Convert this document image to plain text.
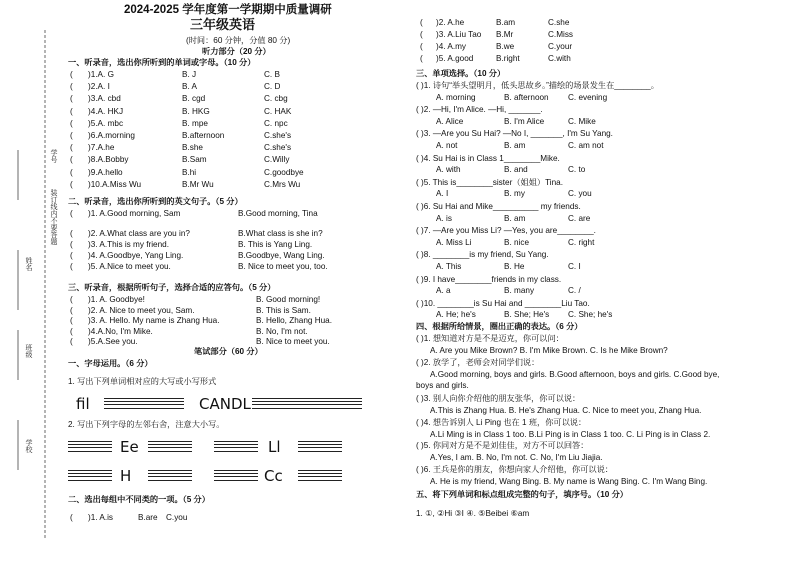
学号
装订线内不要答题
姓名
班级
学校
2024-2025 学年度第一学期期中质量调研
三年级英语
(时间：60 分钟，分值 80 分)
听力部分（20 分）
一、听录音，选出你所听到的单词或字母。（10 分）
( )1.A. G	B. J	C. B
( )2.A. I	B. A	C. D
( )3.A. cbd	B. cgd	C. cbg
( )4.A. HKJ	B. HKG	C. HAK
( )5.A. mbc	B. mpe	C. npc
( )6.A.morning	B.afternoon	C.she's
( )7.A.he	B.she	C.she's
( )8.A.Bobby	B.Sam	C.Willy
( )9.A.hello	B.hi	C.goodbye
( )10.A.Miss Wu	B.Mr Wu	C.Mrs Wu
二、听录音，选出你所听到的英文句子。（5 分）
( )1. A.Good morning, Sam	B.Good morning, Tina
( )2. A.What class are you in?	B.What class is she in?
( )3. A.This is my friend.	B. This is Yang Ling.
( )4. A.Goodbye, Yang Ling.	B.Goodbye, Wang Ling.
( )5. A.Nice to meet you.	B. Nice to meet you, too.
三、听录音，根据所听句子，选择合适的应答句。（5 分）
( )1. A. Goodbye!	B. Good morning!
( )2. A. Nice to meet you, Sam.	B. This is Sam.
( )3. A. Hello. My name is Zhang Hua.	B. Hello, Zhang Hua.
( )4.A.No, I'm Mike.	B. No, I'm not.
( )5.A.See you.	B. Nice to meet you.
笔试部分（60 分）
一、字母运用。（6 分）
1. 写出下列单词相对应的大写或小写形式
fil	CANDL
2. 写出下列字母的左邻右舍，注意大小写。
Ee	Ll
H	Cc
二、选出每组中不同类的一项。（5 分）
( )1. A.is	B.are C.you
( )2. A.he	B.am	C.she
( )3. A.Liu Tao B.Mr	C.Miss
( )4. A.my	B.we	C.your
( )5. A.good	B.right	C.with
三、单项选择。（10 分）
( )1. 诗句“举头望明月，低头思故乡。”描绘的场景发生在________。
A. morning	B. afternoon C. evening
( )2. —Hi, I'm Alice. —Hi, _______.
A. Alice	B. I'm Alice	C. Mike
( )3. —Are you Su Hai? —No I, _______, I'm Su Yang.
A. not	B. am	C. am not
( )4. Su Hai is in Class 1________Mike.
A. with	B. and	C. to
( )5. This is________sister（姐姐）Tina.
A. I	B. my	C. you
( )6. Su Hai and Mike__________ my friends.
A. is	B. am	C. are
( )7. —Are you Miss Li? —Yes, you are________.
A. Miss Li	B. nice	C. right
( )8. ________is my friend, Su Yang.
A. This	B. He	C. I
( )9. I have________friends in my class.
A. a	B. many	C. /
( )10. ________is Su Hai and ________Liu Tao.
A. He; he's	B. She; He's C. She; he's
四、根据所给情景，圈出正确的表达。（6 分）
( )1. 想知道对方是不是迈克，你可以问：
A. Are you Mike Brown? B. I'm Mike Brown. C. Is he Mike Brown?
( )2. 放学了，老师会对同学们说：
A.Good morning, boys and girls. B.Good afternoon, boys and girls. C.Good bye,
boys and girls.
( )3. 别人向你介绍他的朋友张华，你可以说：
A.This is Zhang Hua. B. He's Zhang Hua. C. Nice to meet you, Zhang Hua.
( )4. 想告诉别人 Li Ping 也在 1 班，你可以说：
A.Li Ming is in Class 1 too. B.Li Ping is in Class 1 too. C. Li Ping is in Class 2.
( )5. 你同对方是不是刘佳佳，对方不可以回答：
A.Yes, I am. B. No, I'm not. C. No, I'm Liu Jiajia.
( )6. 王兵是你的朋友，你想向家人介绍他，你可以说：
A. He is my friend, Wang Bing. B. My name is Wang Bing. C. I'm Wang Bing.
五、将下列单词和标点组成完整的句子，填序号。（10 分）
1. ①, ②Hi ③I ④. ⑤Beibei ⑥am
